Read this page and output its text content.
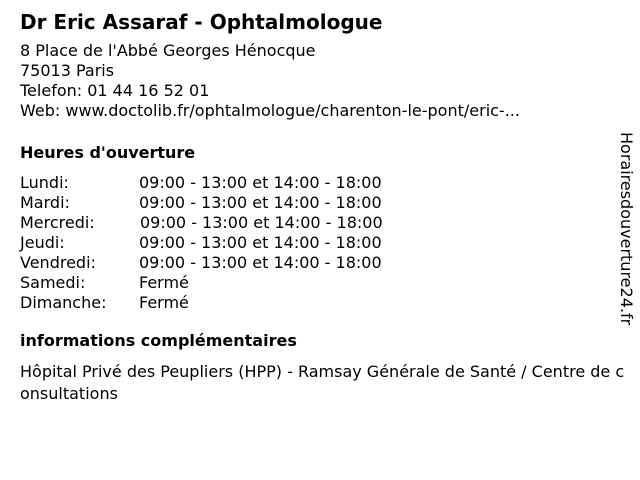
Dr Eric Assaraf - Ophtalmologue
8 Place de l'Abbé Georges Hénocque
75013 Paris
Telefon: 01 44 16 52 01
Web: www.doctolib.fr/ophtalmologue/charenton-le-pont/eric-...
Heures d'ouverture
Lundi:	09:00 - 13:00 et 14:00 - 18:00
Mardi:	09:00 - 13:00 et 14:00 - 18:00
Mercredi:	09:00 - 13:00 et 14:00 - 18:00
Jeudi:	09:00 - 13:00 et 14:00 - 18:00
Vendredi:	09:00 - 13:00 et 14:00 - 18:00
Samedi:	Fermé
Dimanche:	Fermé
informations complémentaires
Hôpital Privé des Peupliers (HPP) - Ramsay Générale de Santé / Centre de consultations
Horairesdouverture24.fr
